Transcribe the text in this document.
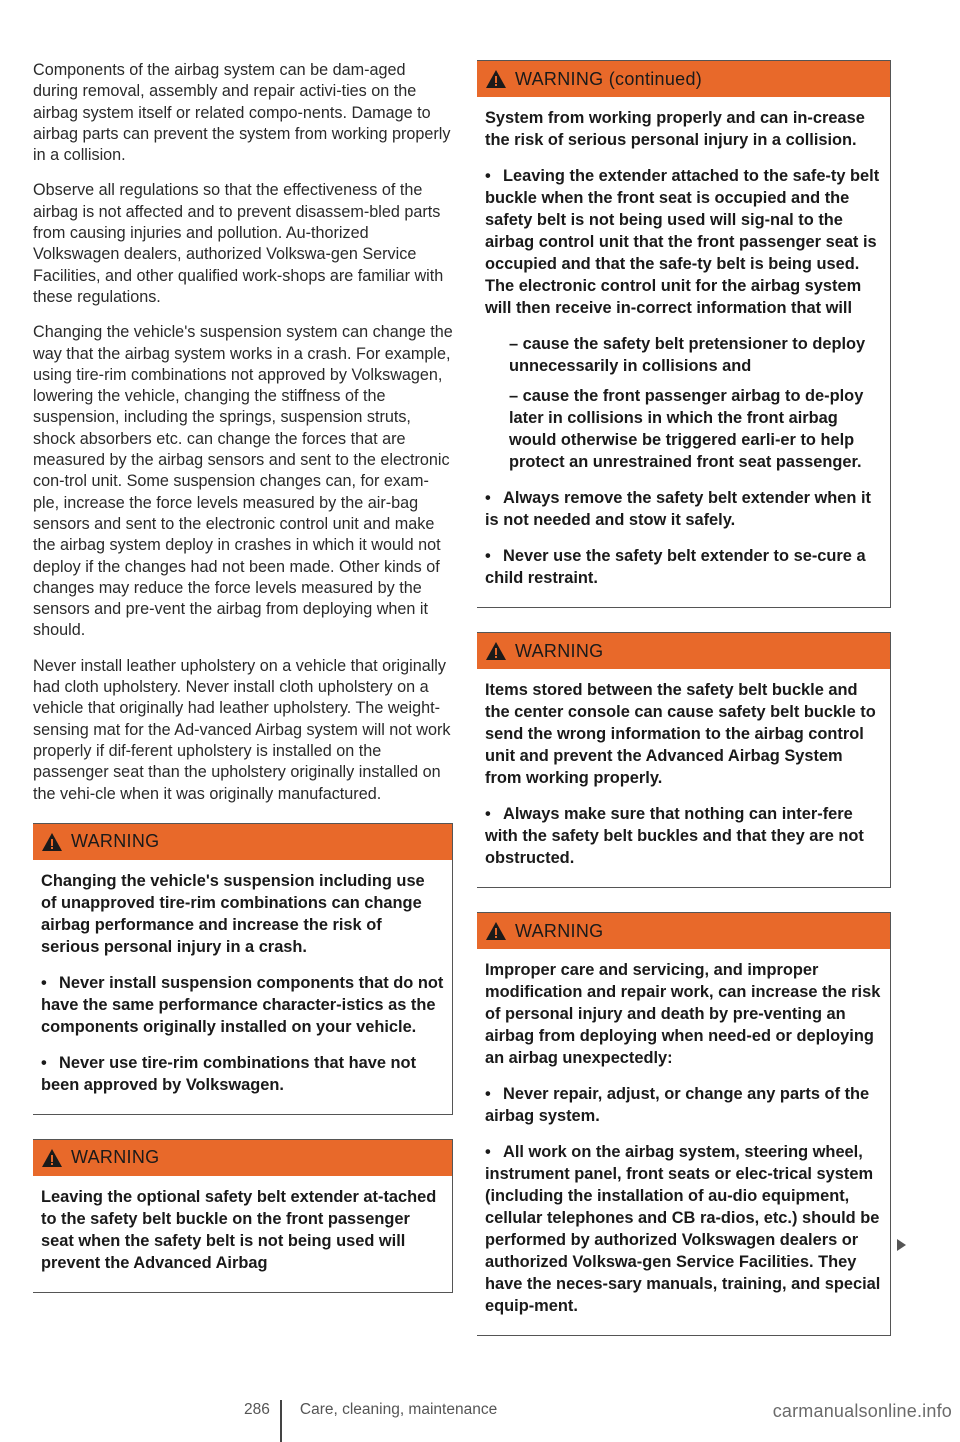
Components of the airbag system can be dam-aged during removal, assembly and repair activi-ties on the airbag system itself or related compo-nents. Damage to airbag parts can prevent the system from working properly in a collision.

Observe all regulations so that the effectiveness of the airbag is not affected and to prevent disassem-bled parts from causing injuries and pollution. Au-thorized Volkswagen dealers, authorized Volkswa-gen Service Facilities, and other qualified work-shops are familiar with these regulations.

Changing the vehicle's suspension system can change the way that the airbag system works in a crash. For example, using tire-rim combinations not approved by Volkswagen, lowering the vehicle, changing the stiffness of the suspension, including the springs, suspension struts, shock absorbers etc. can change the forces that are measured by the airbag sensors and sent to the electronic con-trol unit. Some suspension changes can, for exam-ple, increase the force levels measured by the air-bag sensors and sent to the electronic control unit and make the airbag system deploy in crashes in which it would not deploy if the changes had not been made. Other kinds of changes may reduce the force levels measured by the sensors and pre-vent the airbag from deploying when it should.

Never install leather upholstery on a vehicle that originally had cloth upholstery. Never install cloth upholstery on a vehicle that originally had leather upholstery. The weight-sensing mat for the Ad-vanced Airbag system will not work properly if dif-ferent upholstery is installed on the passenger seat than the upholstery originally installed on the vehi-cle when it was originally manufactured.

WARNING

Changing the vehicle's suspension including use of unapproved tire-rim combinations can change airbag performance and increase the risk of serious personal injury in a crash.

• Never install suspension components that do not have the same performance character-istics as the components originally installed on your vehicle.

• Never use tire-rim combinations that have not been approved by Volkswagen.

WARNING

Leaving the optional safety belt extender at-tached to the safety belt buckle on the front passenger seat when the safety belt is not being used will prevent the Advanced Airbag

WARNING (continued)

System from working properly and can in-crease the risk of serious personal injury in a collision.

• Leaving the extender attached to the safe-ty belt buckle when the front seat is occupied and the safety belt is not being used will sig-nal to the airbag control unit that the front passenger seat is occupied and that the safe-ty belt is being used. The electronic control unit for the airbag system will then receive in-correct information that will

– cause the safety belt pretensioner to deploy unnecessarily in collisions and

– cause the front passenger airbag to de-ploy later in collisions in which the front airbag would otherwise be triggered earli-er to help protect an unrestrained front seat passenger.

• Always remove the safety belt extender when it is not needed and stow it safely.

• Never use the safety belt extender to se-cure a child restraint.

WARNING

Items stored between the safety belt buckle and the center console can cause safety belt buckle to send the wrong information to the airbag control unit and prevent the Advanced Airbag System from working properly.

• Always make sure that nothing can inter-fere with the safety belt buckles and that they are not obstructed.

WARNING

Improper care and servicing, and improper modification and repair work, can increase the risk of personal injury and death by pre-venting an airbag from deploying when need-ed or deploying an airbag unexpectedly:

• Never repair, adjust, or change any parts of the airbag system.

• All work on the airbag system, steering wheel, instrument panel, front seats or elec-trical system (including the installation of au-dio equipment, cellular telephones and CB ra-dios, etc.) should be performed by authorized Volkswagen dealers or authorized Volkswa-gen Service Facilities. They have the neces-sary manuals, training, and special equip-ment.

286 Care, cleaning, maintenance	carmanualsonline.info
